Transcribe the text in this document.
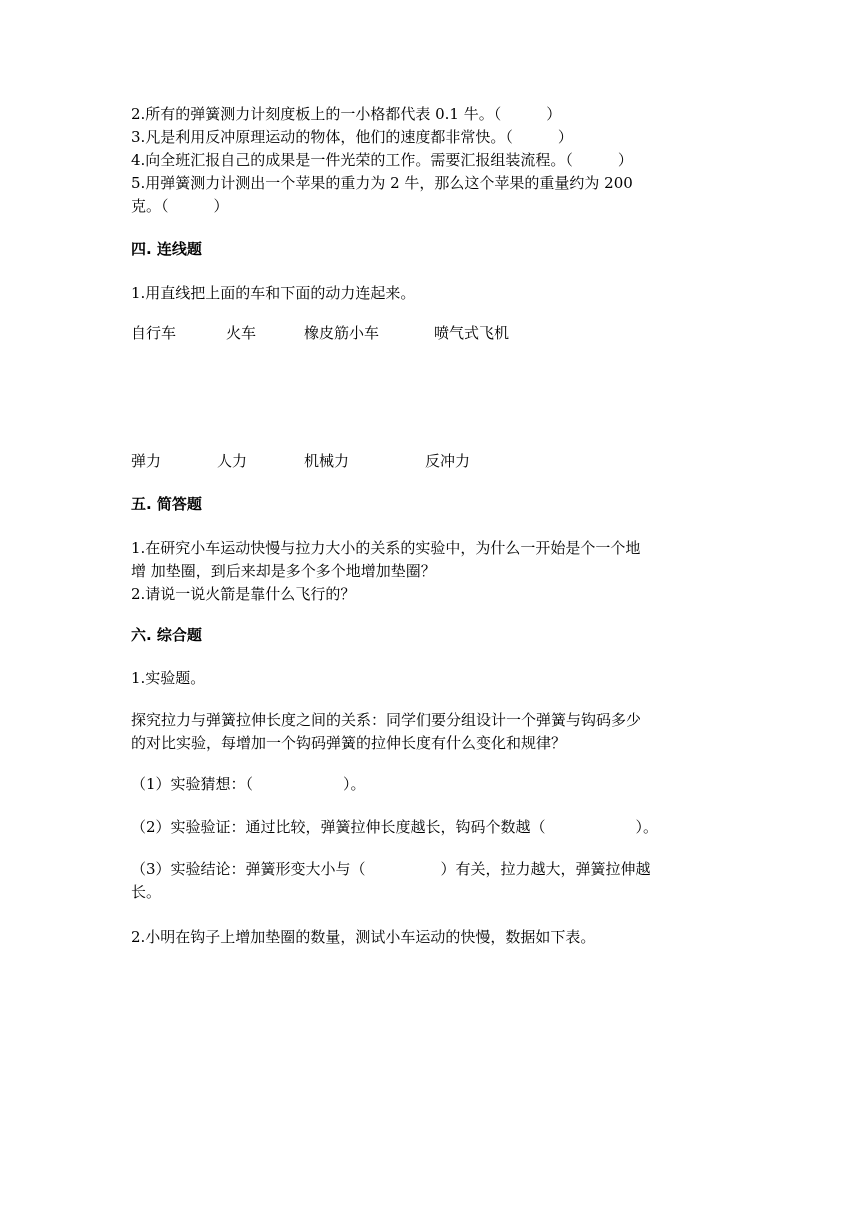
2.所有的弹簧测力计刻度板上的一小格都代表 0.1 牛。（　　　）
3.凡是利用反冲原理运动的物体，他们的速度都非常快。（　　　）
4.向全班汇报自己的成果是一件光荣的工作。需要汇报组装流程。（　　　）
5.用弹簧测力计测出一个苹果的重力为 2 牛，那么这个苹果的重量约为 200
克。（　　　）
四. 连线题
1.用直线把上面的车和下面的动力连起来。
自行车	火车	橡皮筋小车	喷气式飞机
弹力	人力	机械力	反冲力
五. 简答题
1.在研究小车运动快慢与拉力大小的关系的实验中，为什么一开始是个一个地
增 加垫圈，到后来却是多个多个地增加垫圈？
2.请说一说火箭是靠什么飞行的？
六. 综合题
1.实验题。
探究拉力与弹簧拉伸长度之间的关系：同学们要分组设计一个弹簧与钩码多少
的对比实验，每增加一个钩码弹簧的拉伸长度有什么变化和规律？
（1）实验猜想：（　　　　　　）。
（2）实验验证：通过比较，弹簧拉伸长度越长，钩码个数越（　　　　　　）。
（3）实验结论：弹簧形变大小与（　　　　　）有关，拉力越大，弹簧拉伸越
长。
2.小明在钩子上增加垫圈的数量，测试小车运动的快慢，数据如下表。
